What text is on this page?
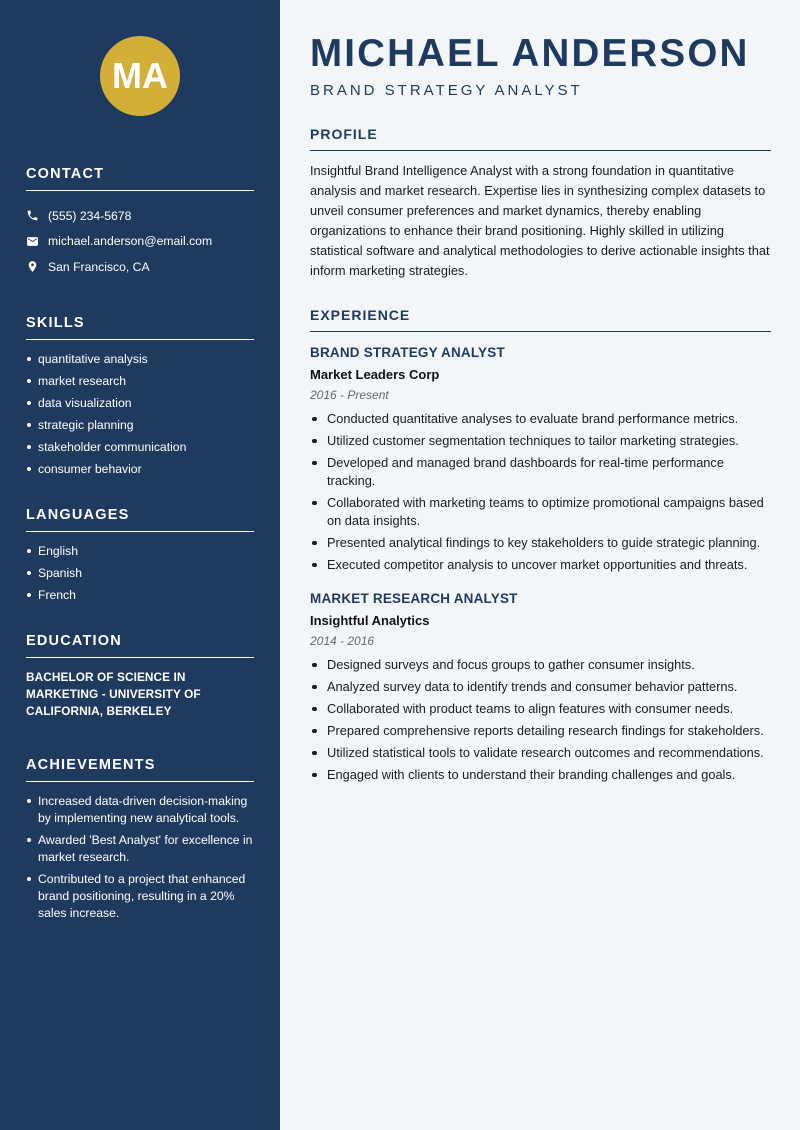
MA
CONTACT
(555) 234-5678
michael.anderson@email.com
San Francisco, CA
SKILLS
quantitative analysis
market research
data visualization
strategic planning
stakeholder communication
consumer behavior
LANGUAGES
English
Spanish
French
EDUCATION
BACHELOR OF SCIENCE IN MARKETING - UNIVERSITY OF CALIFORNIA, BERKELEY
ACHIEVEMENTS
Increased data-driven decision-making by implementing new analytical tools.
Awarded 'Best Analyst' for excellence in market research.
Contributed to a project that enhanced brand positioning, resulting in a 20% sales increase.
MICHAEL ANDERSON
BRAND STRATEGY ANALYST
PROFILE
Insightful Brand Intelligence Analyst with a strong foundation in quantitative analysis and market research. Expertise lies in synthesizing complex datasets to unveil consumer preferences and market dynamics, thereby enabling organizations to enhance their brand positioning. Highly skilled in utilizing statistical software and analytical methodologies to derive actionable insights that inform marketing strategies.
EXPERIENCE
BRAND STRATEGY ANALYST
Market Leaders Corp
2016 - Present
Conducted quantitative analyses to evaluate brand performance metrics.
Utilized customer segmentation techniques to tailor marketing strategies.
Developed and managed brand dashboards for real-time performance tracking.
Collaborated with marketing teams to optimize promotional campaigns based on data insights.
Presented analytical findings to key stakeholders to guide strategic planning.
Executed competitor analysis to uncover market opportunities and threats.
MARKET RESEARCH ANALYST
Insightful Analytics
2014 - 2016
Designed surveys and focus groups to gather consumer insights.
Analyzed survey data to identify trends and consumer behavior patterns.
Collaborated with product teams to align features with consumer needs.
Prepared comprehensive reports detailing research findings for stakeholders.
Utilized statistical tools to validate research outcomes and recommendations.
Engaged with clients to understand their branding challenges and goals.
